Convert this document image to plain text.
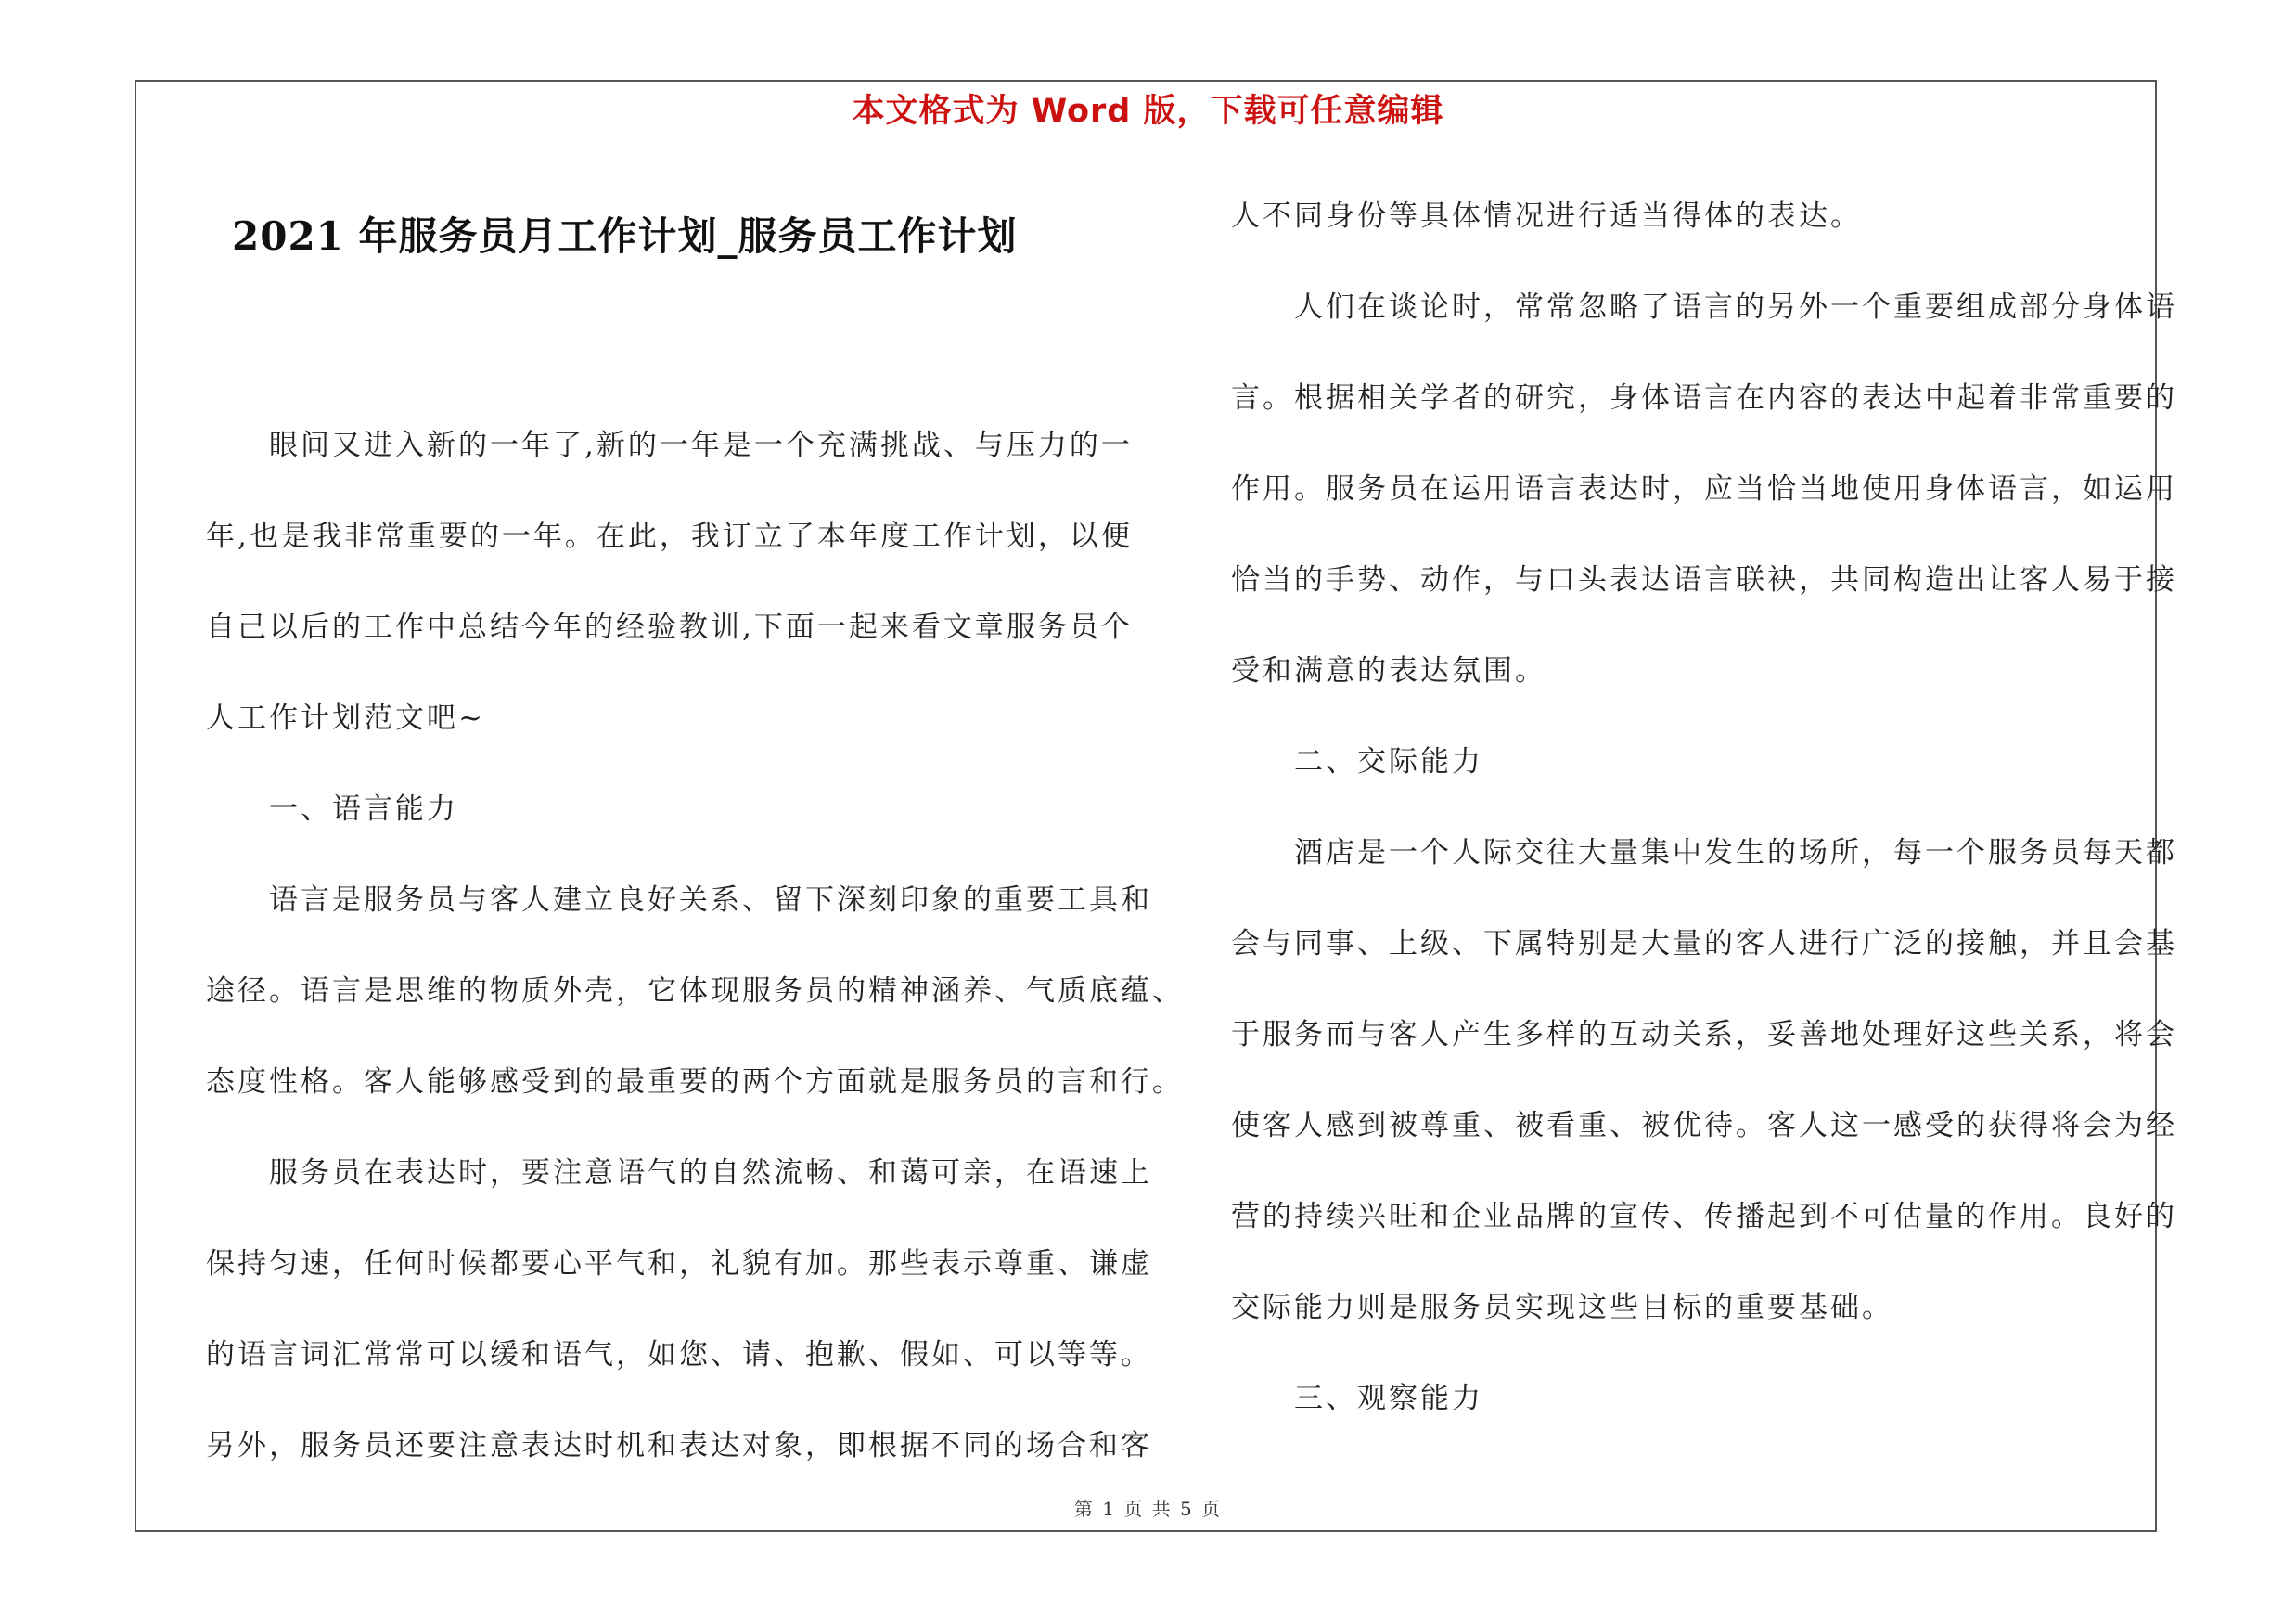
本文格式为 Word 版，下载可任意编辑
2021 年服务员月工作计划_服务员工作计划
　　眼间又进入新的一年了,新的一年是一个充满挑战、与压力的一
年,也是我非常重要的一年。在此，我订立了本年度工作计划，以便
自己以后的工作中总结今年的经验教训,下面一起来看文章服务员个
人工作计划范文吧~
　　一、语言能力
　　语言是服务员与客人建立良好关系、留下深刻印象的重要工具和
途径。语言是思维的物质外壳，它体现服务员的精神涵养、气质底蕴、
态度性格。客人能够感受到的最重要的两个方面就是服务员的言和行。
　　服务员在表达时，要注意语气的自然流畅、和蔼可亲，在语速上
保持匀速，任何时候都要心平气和，礼貌有加。那些表示尊重、谦虚
的语言词汇常常可以缓和语气，如您、请、抱歉、假如、可以等等。
另外，服务员还要注意表达时机和表达对象，即根据不同的场合和客
人不同身份等具体情况进行适当得体的表达。
　　人们在谈论时，常常忽略了语言的另外一个重要组成部分身体语
言。根据相关学者的研究，身体语言在内容的表达中起着非常重要的
作用。服务员在运用语言表达时，应当恰当地使用身体语言，如运用
恰当的手势、动作，与口头表达语言联袂，共同构造出让客人易于接
受和满意的表达氛围。
　　二、交际能力
　　酒店是一个人际交往大量集中发生的场所，每一个服务员每天都
会与同事、上级、下属特别是大量的客人进行广泛的接触，并且会基
于服务而与客人产生多样的互动关系，妥善地处理好这些关系，将会
使客人感到被尊重、被看重、被优待。客人这一感受的获得将会为经
营的持续兴旺和企业品牌的宣传、传播起到不可估量的作用。良好的
交际能力则是服务员实现这些目标的重要基础。
　　三、观察能力
第 1 页 共 5 页
